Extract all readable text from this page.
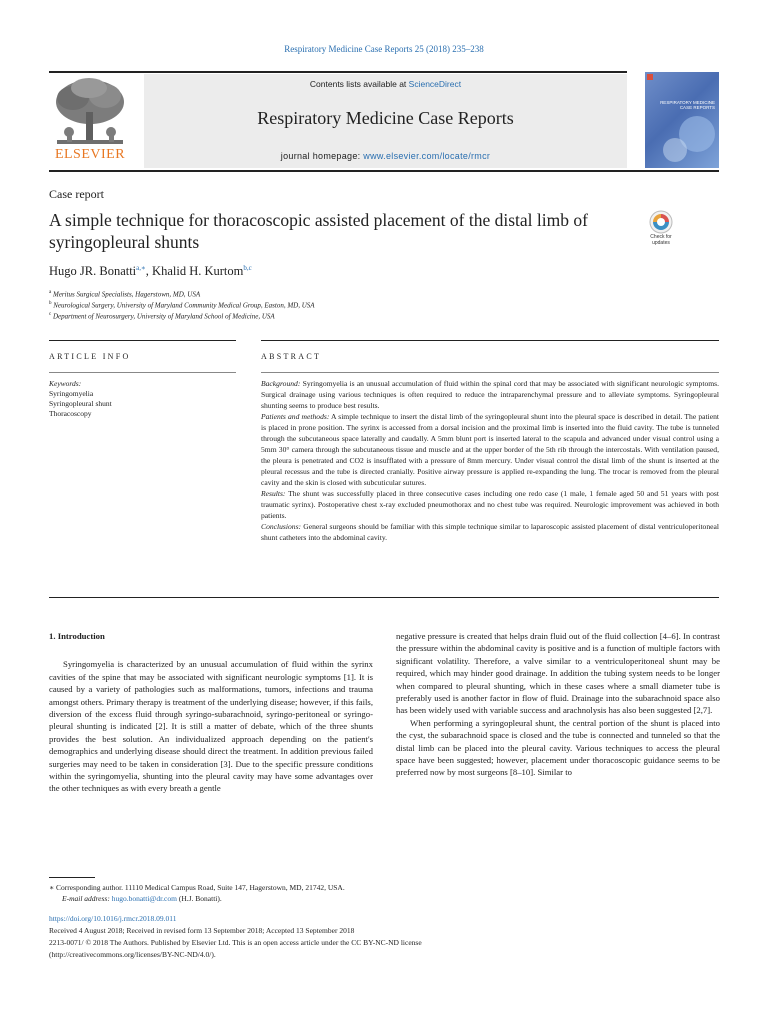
Respiratory Medicine Case Reports 25 (2018) 235–238
ELSEVIER
Contents lists available at ScienceDirect
Respiratory Medicine Case Reports
journal homepage: www.elsevier.com/locate/rmcr
RESPIRATORY MEDICINE CASE REPORTS
Case report
A simple technique for thoracoscopic assisted placement of the distal limb of syringopleural shunts	Check for updates
Hugo JR. Bonatti$^{a,∗}$, Khalid H. Kurtom$^{b,c}$
$^a$ Meritus Surgical Specialists, Hagerstown, MD, USA
$^b$ Neurological Surgery, University of Maryland Community Medical Group, Easton, MD, USA
$^c$ Department of Neurosurgery, University of Maryland School of Medicine, USA
ARTICLE INFO	ABSTRACT
Keywords:
Syringomyelia
Syringopleural shunt
Thoracoscopy

Background: Syringomyelia is an unusual accumulation of fluid within the spinal cord that may be associated with significant neurologic symptoms. Surgical drainage using various techniques is often required to reduce the intraparenchymal pressure and to alleviate symptoms. Syringopleural shunting seems to produce best results.

Patients and methods: A simple technique to insert the distal limb of the syringopleural shunt into the pleural space is described in detail. The patient is placed in prone position. The syrinx is accessed from a dorsal incision and the proximal limb is inserted into the fluid cavity. The tube is tunneled through the subcutaneous space laterally and caudally. A 5mm blunt port is inserted lateral to the scapula and advanced under visual control using a 5mm 30° camera through the subcutaneous tissue and muscle and at the upper border of the 5th rib through the intercostals. With ventilation paused, the pleura is penetrated and CO2 is insufflated with a pressure of 8mm mercury. Under visual control the distal limb of the shunt is inserted at the pleural recessus and the tube is directed cranially. Positive airway pressure is applied re-expanding the lung. The trocar is removed from the pleural cavity and the skin is closed with subcuticular sutures.

Results: The shunt was successfully placed in three consecutive cases including one redo case (1 male, 1 female aged 50 and 51 years with post traumatic syrinx). Postoperative chest x-ray excluded pneumothorax and no chest tube was required. Neurologic improvement was achieved in both patients.

Conclusions: General surgeons should be familiar with this simple technique similar to laparoscopic assisted placement of distal ventriculoperitoneal shunt catheters into the abdominal cavity.

1. Introduction

Syringomyelia is characterized by an unusual accumulation of fluid within the syrinx cavities of the spine that may be associated with significant neurologic symptoms [1]. It is caused by a variety of pathologies such as malformations, tumors, infections and trauma amongst others. Primary therapy is treatment of the underlying disease; however, if this fails, diversion of the excess fluid through syringo-subarachnoid, syringo-peritoneal or syringo-pleural shunting is indicated [2]. It is still a matter of debate, which of the three shunts provides the best solution. An individualized approach depending on the patient's demographics and underlying disease should direct the treatment. In addition previous failed surgeries may need to be taken in consideration [3]. Due to the specific pressure conditions within the syringomyelia, shunting into the pleural cavity may have some advantages over the other techniques as with every breath a gentle

negative pressure is created that helps drain fluid out of the fluid collection [4–6]. In contrast the pressure within the abdominal cavity is positive and is a function of multiple factors with significant volatility. Therefore, a valve similar to a ventriculoperitoneal shunt may be required, which may hinder good drainage. In addition the tubing system needs to be longer when compared to pleural shunting, which in these cases where a small diameter tube is preferably used is another factor in flow of fluid. Drainage into the subarachnoid space also has been widely used with variable success and arachnolysis has also been suggested [2,7].

When performing a syringopleural shunt, the central portion of the shunt is placed into the cyst, the subarachnoid space is closed and the tube is connected and tunneled so that the distal limb can be placed into the pleural cavity. Various techniques to access the pleural space have been suggested; however, placement under thoracoscopic guidance seems to be preferred now by most surgeons [8–10]. Similar to

∗ Corresponding author. 11110 Medical Campus Road, Suite 147, Hagerstown, MD, 21742, USA.
E-mail address: hugo.bonatti@dr.com (H.J. Bonatti).
https://doi.org/10.1016/j.rmcr.2018.09.011
Received 4 August 2018; Received in revised form 13 September 2018; Accepted 13 September 2018
2213-0071/ © 2018 The Authors. Published by Elsevier Ltd. This is an open access article under the CC BY-NC-ND license
(http://creativecommons.org/licenses/BY-NC-ND/4.0/).
